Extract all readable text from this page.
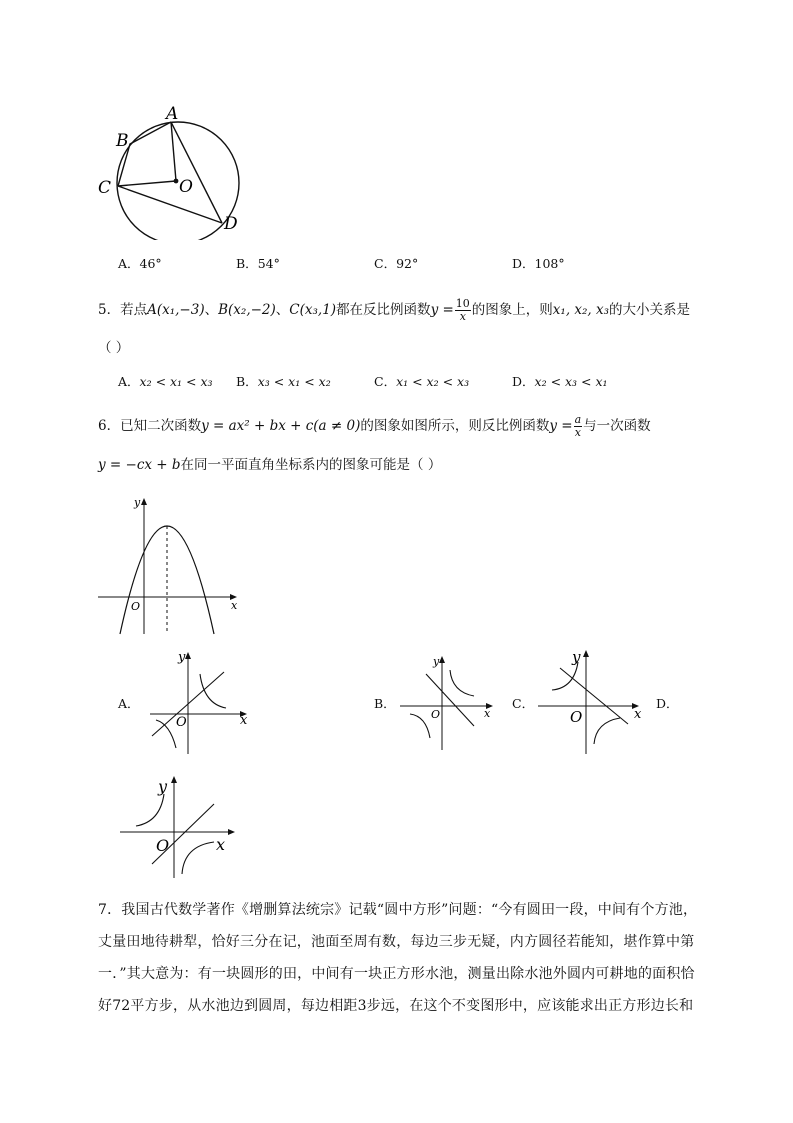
A
B
C	O
D
A．46°	B．54°	C．92°	D．108°
5．若点A(x₁,−3)、B(x₂,−2)、C(x₃,1)都在反比例函数$y = \frac{10}{x}$ 的图象上，则x₁, x₂, x₃的大小关系是
（ ）
A．x₂ < x₁ < x₃ B．x₃ < x₁ < x₂	C．x₁ < x₂ < x₃	D．x₂ < x₃ < x₁
6．已知二次函数y = ax² + bx + c(a ≠ 0)的图象如图所示，则反比例函数$y = \frac{a}{x}$ 与一次函数
y = −cx + b在同一平面直角坐标系内的图象可能是（ ）
y
x
O
A．
y
x
O
B．
y
x
O
C．
y
x
O
D．
y
x
O
7．我国古代数学著作《增删算法统宗》记载“圆中方形”问题：“今有圆田一段，中间有个方池，丈量田地待耕犁，恰好三分在记，池面至周有数，每边三步无疑，内方圆径若能知，堪作算中第一．”其大意为：有一块圆形的田，中间有一块正方形水池，测量出除水池外圆内可耕地的面积恰好72平方步，从水池边到圆周，每边相距3步远，在这个不变图形中，应该能求出正方形边长和
